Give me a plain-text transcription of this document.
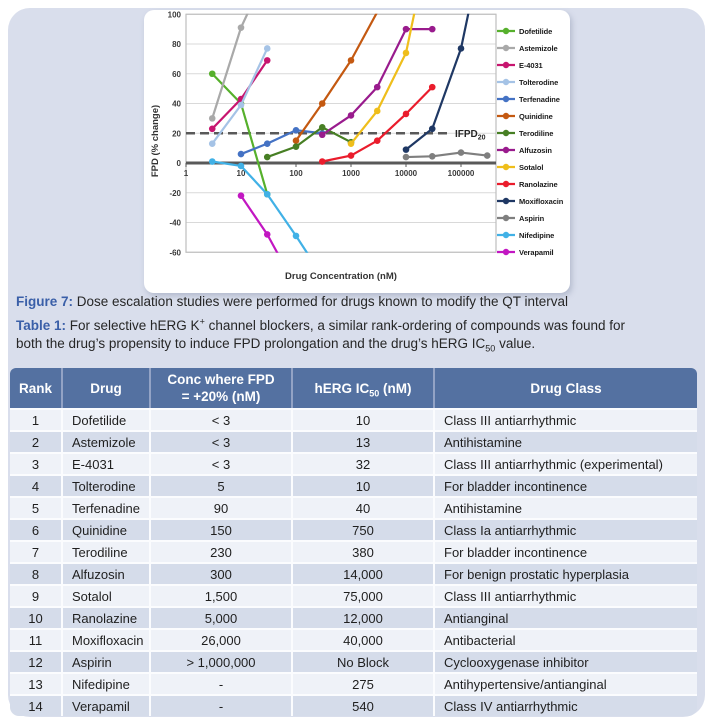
1	10	100	1000	10000	100000
100
80
60
40
20
0
-20
-40
-60
$IFPD_{20}$
FPD (% change)
Drug Concentration (nM)
Dofetilide
Astemizole
E-4031
Tolterodine
Terfenadine
Quinidine
Terodiline
Alfuzosin
Sotalol
Ranolazine
Moxifloxacin
Aspirin
Nifedipine
Verapamil

Figure 7: Dose escalation studies were performed for drugs known to modify the QT interval

Table 1: For selective hERG K+ channel blockers, a similar rank-ordering of compounds was found for both the drug’s propensity to induce FPD prolongation and the drug’s hERG $IC_{50}$ value.

Rank	Drug	Conc where FPD
= +20% (nM)	hERG $IC_{50}$ (nM)	Drug Class
1	Dofetilide	< 3	10	Class III antiarrhythmic
2	Astemizole	< 3	13	Antihistamine
3	E-4031	< 3	32	Class III antiarrhythmic (experimental)
4	Tolterodine	5	10	For bladder incontinence
5	Terfenadine	90	40	Antihistamine
6	Quinidine	150	750	Class Ia antiarrhythmic
7	Terodiline	230	380	For bladder incontinence
8	Alfuzosin	300	14,000	For benign prostatic hyperplasia
9	Sotalol	1,500	75,000	Class III antiarrhythmic
10	Ranolazine	5,000	12,000	Antianginal
11	Moxifloxacin	26,000	40,000	Antibacterial
12	Aspirin	> 1,000,000	No Block	Cyclooxygenase inhibitor
13	Nifedipine	-	275	Antihypertensive/antianginal
14	Verapamil	-	540	Class IV antiarrhythmic
